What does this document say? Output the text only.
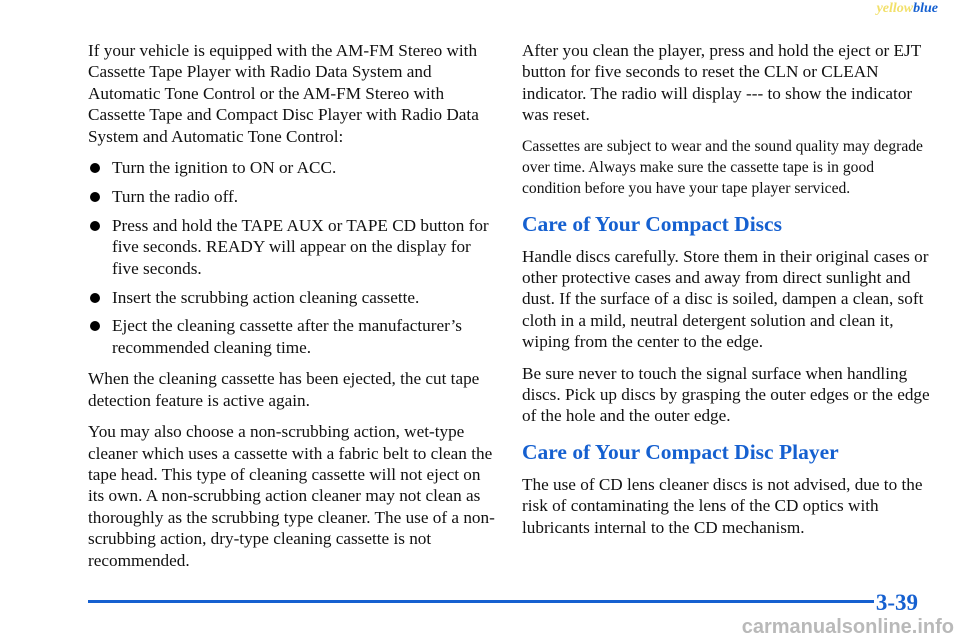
yellowblue

If your vehicle is equipped with the AM-FM Stereo with Cassette Tape Player with Radio Data System and Automatic Tone Control or the AM-FM Stereo with Cassette Tape and Compact Disc Player with Radio Data System and Automatic Tone Control:

Turn the ignition to ON or ACC.
Turn the radio off.
Press and hold the TAPE AUX or TAPE CD button for five seconds. READY will appear on the display for five seconds.
Insert the scrubbing action cleaning cassette.
Eject the cleaning cassette after the manufacturer’s recommended cleaning time.

When the cleaning cassette has been ejected, the cut tape detection feature is active again.

You may also choose a non-scrubbing action, wet-type cleaner which uses a cassette with a fabric belt to clean the tape head. This type of cleaning cassette will not eject on its own. A non-scrubbing action cleaner may not clean as thoroughly as the scrubbing type cleaner. The use of a non-scrubbing action, dry-type cleaning cassette is not recommended.

After you clean the player, press and hold the eject or EJT button for five seconds to reset the CLN or CLEAN indicator. The radio will display --- to show the indicator was reset.

Cassettes are subject to wear and the sound quality may degrade over time. Always make sure the cassette tape is in good condition before you have your tape player serviced.

Care of Your Compact Discs

Handle discs carefully. Store them in their original cases or other protective cases and away from direct sunlight and dust. If the surface of a disc is soiled, dampen a clean, soft cloth in a mild, neutral detergent solution and clean it, wiping from the center to the edge.

Be sure never to touch the signal surface when handling discs. Pick up discs by grasping the outer edges or the edge of the hole and the outer edge.

Care of Your Compact Disc Player

The use of CD lens cleaner discs is not advised, due to the risk of contaminating the lens of the CD optics with lubricants internal to the CD mechanism.

3-39
carmanualsonline.info
